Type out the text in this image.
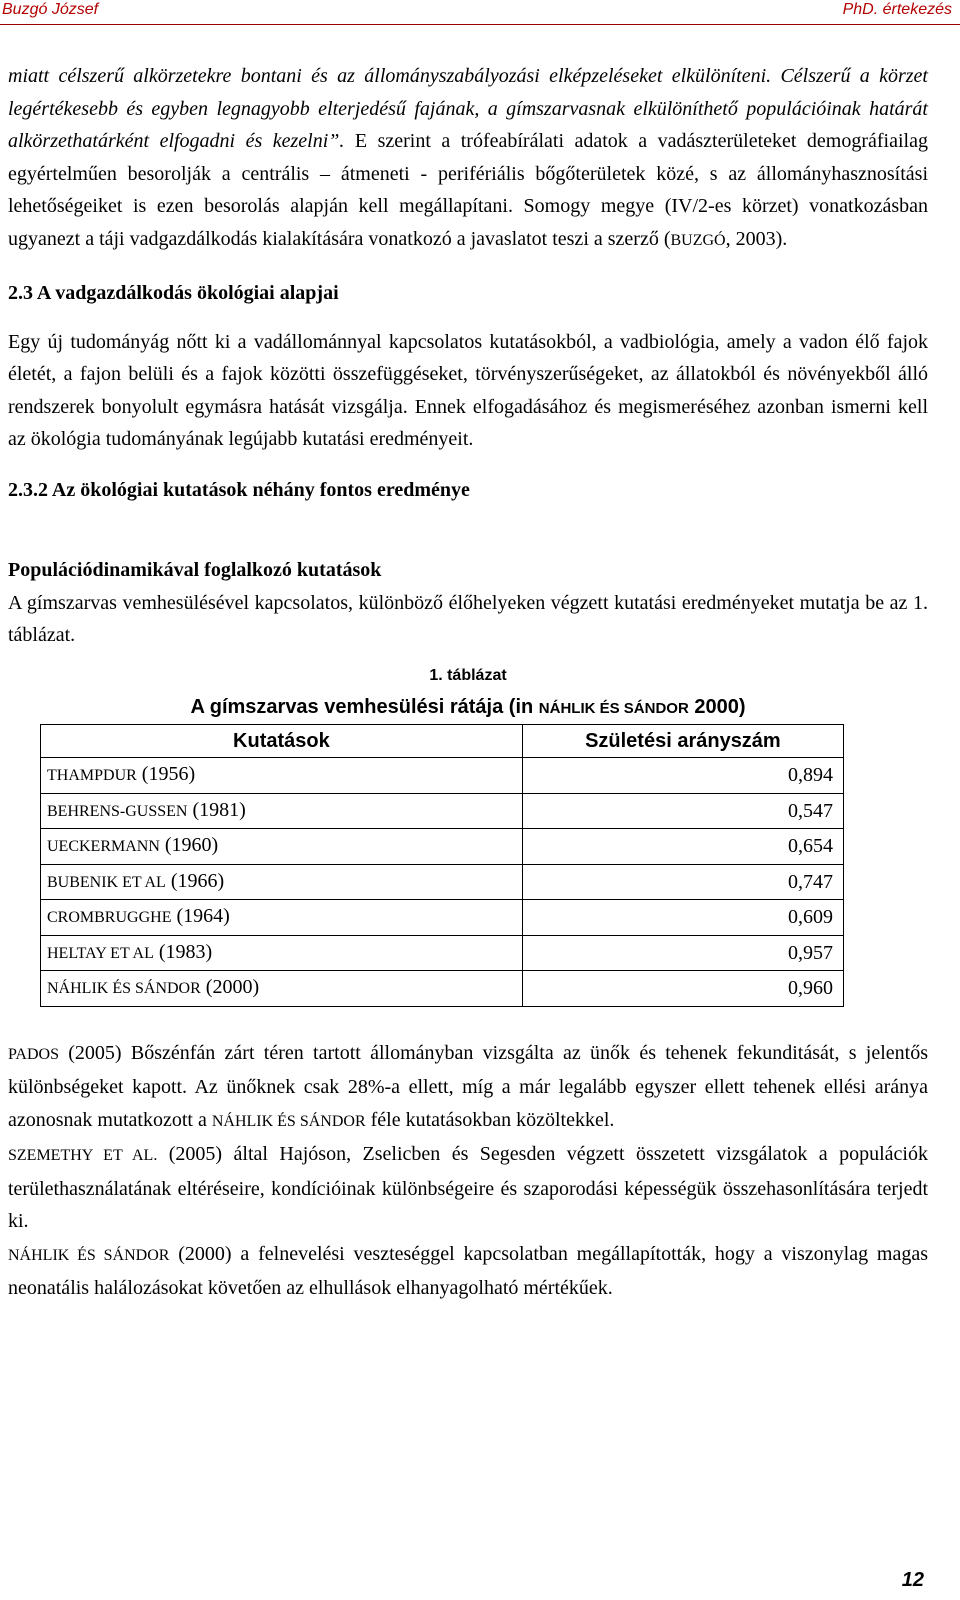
Buzgó József	PhD. értekezés

miatt célszerű alkörzetekre bontani és az állományszabályozási elképzeléseket elkülöníteni. Célszerű a körzet legértékesebb és egyben legnagyobb elterjedésű fajának, a gímszarvasnak elkülöníthető populációinak határát alkörzethatárként elfogadni és kezelni”. E szerint a trófeabírálati adatok a vadászterületeket demográfiailag egyértelműen besorolják a centrális – átmeneti - perifériális bőgőterületek közé, s az állományhasznosítási lehetőségeiket is ezen besorolás alapján kell megállapítani. Somogy megye (IV/2-es körzet) vonatkozásban ugyanezt a táji vadgazdálkodás kialakítására vonatkozó a javaslatot teszi a szerző (BUZGÓ, 2003).

2.3 A vadgazdálkodás ökológiai alapjai

Egy új tudományág nőtt ki a vadállománnyal kapcsolatos kutatásokból, a vadbiológia, amely a vadon élő fajok életét, a fajon belüli és a fajok közötti összefüggéseket, törvényszerűségeket, az állatokból és növényekből álló rendszerek bonyolult egymásra hatását vizsgálja. Ennek elfogadásához és megismeréséhez azonban ismerni kell az ökológia tudományának legújabb kutatási eredményeit.

2.3.2 Az ökológiai kutatások néhány fontos eredménye

Populációdinamikával foglalkozó kutatások

A gímszarvas vemhesülésével kapcsolatos, különböző élőhelyeken végzett kutatási eredményeket mutatja be az 1. táblázat.

1. táblázat
A gímszarvas vemhesülési rátája (in NÁHLIK ÉS SÁNDOR 2000)
Kutatások	Születési arányszám
THAMPDUR (1956)	0,894
BEHRENS-GUSSEN (1981)	0,547
UECKERMANN (1960)	0,654
BUBENIK ET AL (1966)	0,747
CROMBRUGGHE (1964)	0,609
HELTAY ET AL (1983)	0,957
NÁHLIK ÉS SÁNDOR (2000)	0,960

PADOS (2005) Bőszénfán zárt téren tartott állományban vizsgálta az ünők és tehenek fekunditását, s jelentős különbségeket kapott. Az ünőknek csak 28%-a ellett, míg a már legalább egyszer ellett tehenek ellési aránya azonosnak mutatkozott a NÁHLIK ÉS SÁNDOR féle kutatásokban közöltekkel.

SZEMETHY ET AL. (2005) által Hajóson, Zselicben és Segesden végzett összetett vizsgálatok a populációk területhasználatának eltéréseire, kondícióinak különbségeire és szaporodási képességük összehasonlítására terjedt ki.

NÁHLIK ÉS SÁNDOR (2000) a felnevelési veszteséggel kapcsolatban megállapították, hogy a viszonylag magas neonatális halálozásokat követően az elhullások elhanyagolható mértékűek.

12
